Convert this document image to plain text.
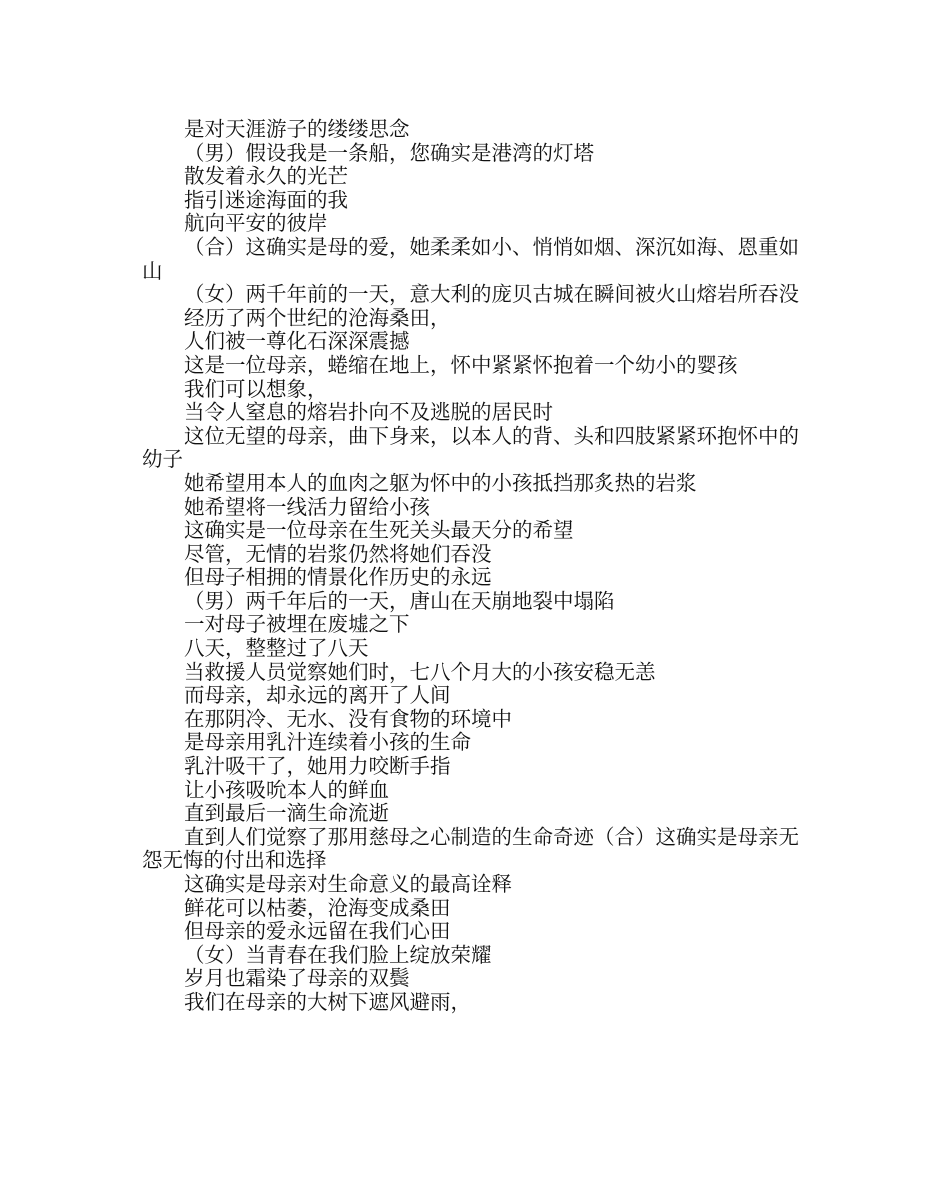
是对天涯游子的缕缕思念

（男）假设我是一条船，您确实是港湾的灯塔

散发着永久的光芒

指引迷途海面的我

航向平安的彼岸

（合）这确实是母的爱，她柔柔如小、悄悄如烟、深沉如海、恩重如山

（女）两千年前的一天，意大利的庞贝古城在瞬间被火山熔岩所吞没

经历了两个世纪的沧海桑田，

人们被一尊化石深深震撼

这是一位母亲，蜷缩在地上，怀中紧紧怀抱着一个幼小的婴孩

我们可以想象，

当令人窒息的熔岩扑向不及逃脱的居民时

这位无望的母亲，曲下身来，以本人的背、头和四肢紧紧环抱怀中的幼子

她希望用本人的血肉之躯为怀中的小孩抵挡那炙热的岩浆

她希望将一线活力留给小孩

这确实是一位母亲在生死关头最天分的希望

尽管，无情的岩浆仍然将她们吞没

但母子相拥的情景化作历史的永远

（男）两千年后的一天，唐山在天崩地裂中塌陷

一对母子被埋在废墟之下

八天，整整过了八天

当救援人员觉察她们时，七八个月大的小孩安稳无恙

而母亲，却永远的离开了人间

在那阴冷、无水、没有食物的环境中

是母亲用乳汁连续着小孩的生命

乳汁吸干了，她用力咬断手指

让小孩吸吮本人的鲜血

直到最后一滴生命流逝

直到人们觉察了那用慈母之心制造的生命奇迹（合）这确实是母亲无怨无悔的付出和选择

这确实是母亲对生命意义的最高诠释

鲜花可以枯萎，沧海变成桑田

但母亲的爱永远留在我们心田

（女）当青春在我们脸上绽放荣耀

岁月也霜染了母亲的双鬓

我们在母亲的大树下遮风避雨，
